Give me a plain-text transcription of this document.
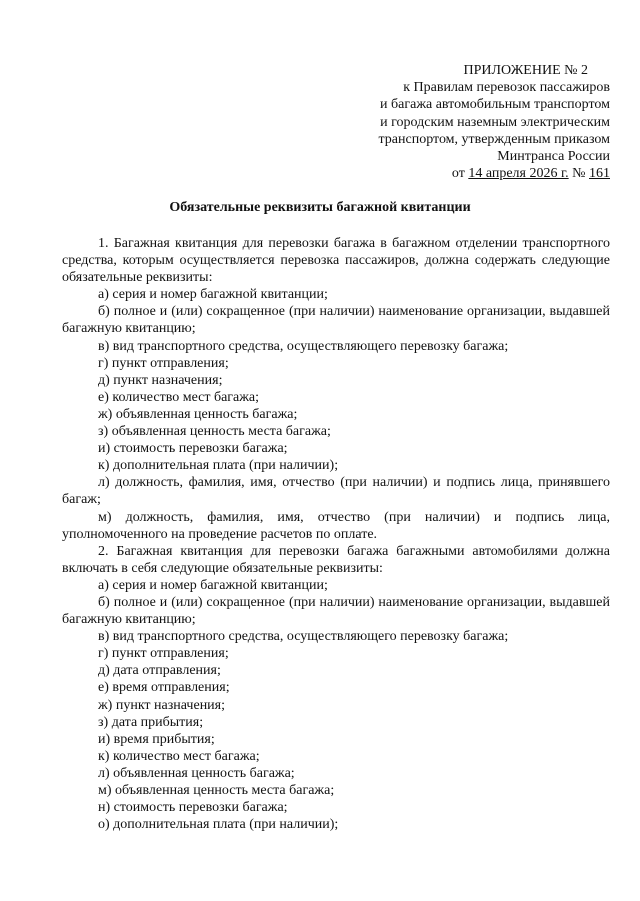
ПРИЛОЖЕНИЕ № 2
к Правилам перевозок пассажиров
и багажа автомобильным транспортом
и городским наземным электрическим
транспортом, утвержденным приказом
Минтранса России
от 14 апреля 2026 г. № 161
Обязательные реквизиты багажной квитанции

1. Багажная квитанция для перевозки багажа в багажном отделении транспортного средства, которым осуществляется перевозка пассажиров, должна содержать следующие обязательные реквизиты:

а) серия и номер багажной квитанции;

б) полное и (или) сокращенное (при наличии) наименование организации, выдавшей багажную квитанцию;

в) вид транспортного средства, осуществляющего перевозку багажа;

г) пункт отправления;

д) пункт назначения;

е) количество мест багажа;

ж) объявленная ценность багажа;

з) объявленная ценность места багажа;

и) стоимость перевозки багажа;

к) дополнительная плата (при наличии);

л) должность, фамилия, имя, отчество (при наличии) и подпись лица, принявшего багаж;

м) должность, фамилия, имя, отчество (при наличии) и подпись лица, уполномоченного на проведение расчетов по оплате.

2. Багажная квитанция для перевозки багажа багажными автомобилями должна включать в себя следующие обязательные реквизиты:

а) серия и номер багажной квитанции;

б) полное и (или) сокращенное (при наличии) наименование организации, выдавшей багажную квитанцию;

в) вид транспортного средства, осуществляющего перевозку багажа;

г) пункт отправления;

д) дата отправления;

е) время отправления;

ж) пункт назначения;

з) дата прибытия;

и) время прибытия;

к) количество мест багажа;

л) объявленная ценность багажа;

м) объявленная ценность места багажа;

н) стоимость перевозки багажа;

о) дополнительная плата (при наличии);
